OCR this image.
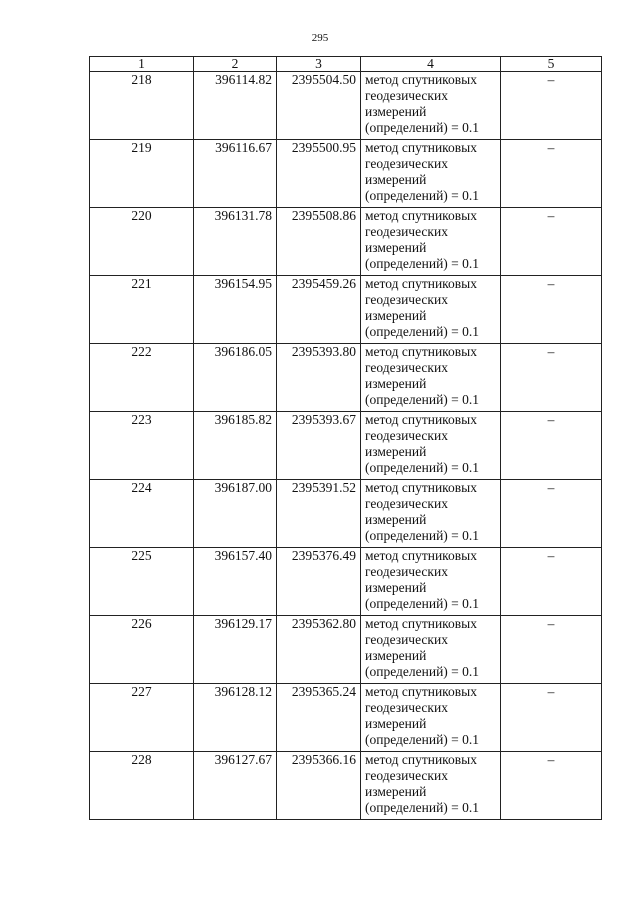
295
1	2	3	4	5
218	396114.82	2395504.50	метод спутниковых
геодезических
измерений
(определений) = 0.1	–
219	396116.67	2395500.95	метод спутниковых
геодезических
измерений
(определений) = 0.1	–
220	396131.78	2395508.86	метод спутниковых
геодезических
измерений
(определений) = 0.1	–
221	396154.95	2395459.26	метод спутниковых
геодезических
измерений
(определений) = 0.1	–
222	396186.05	2395393.80	метод спутниковых
геодезических
измерений
(определений) = 0.1	–
223	396185.82	2395393.67	метод спутниковых
геодезических
измерений
(определений) = 0.1	–
224	396187.00	2395391.52	метод спутниковых
геодезических
измерений
(определений) = 0.1	–
225	396157.40	2395376.49	метод спутниковых
геодезических
измерений
(определений) = 0.1	–
226	396129.17	2395362.80	метод спутниковых
геодезических
измерений
(определений) = 0.1	–
227	396128.12	2395365.24	метод спутниковых
геодезических
измерений
(определений) = 0.1	–
228	396127.67	2395366.16	метод спутниковых
геодезических
измерений
(определений) = 0.1	–
